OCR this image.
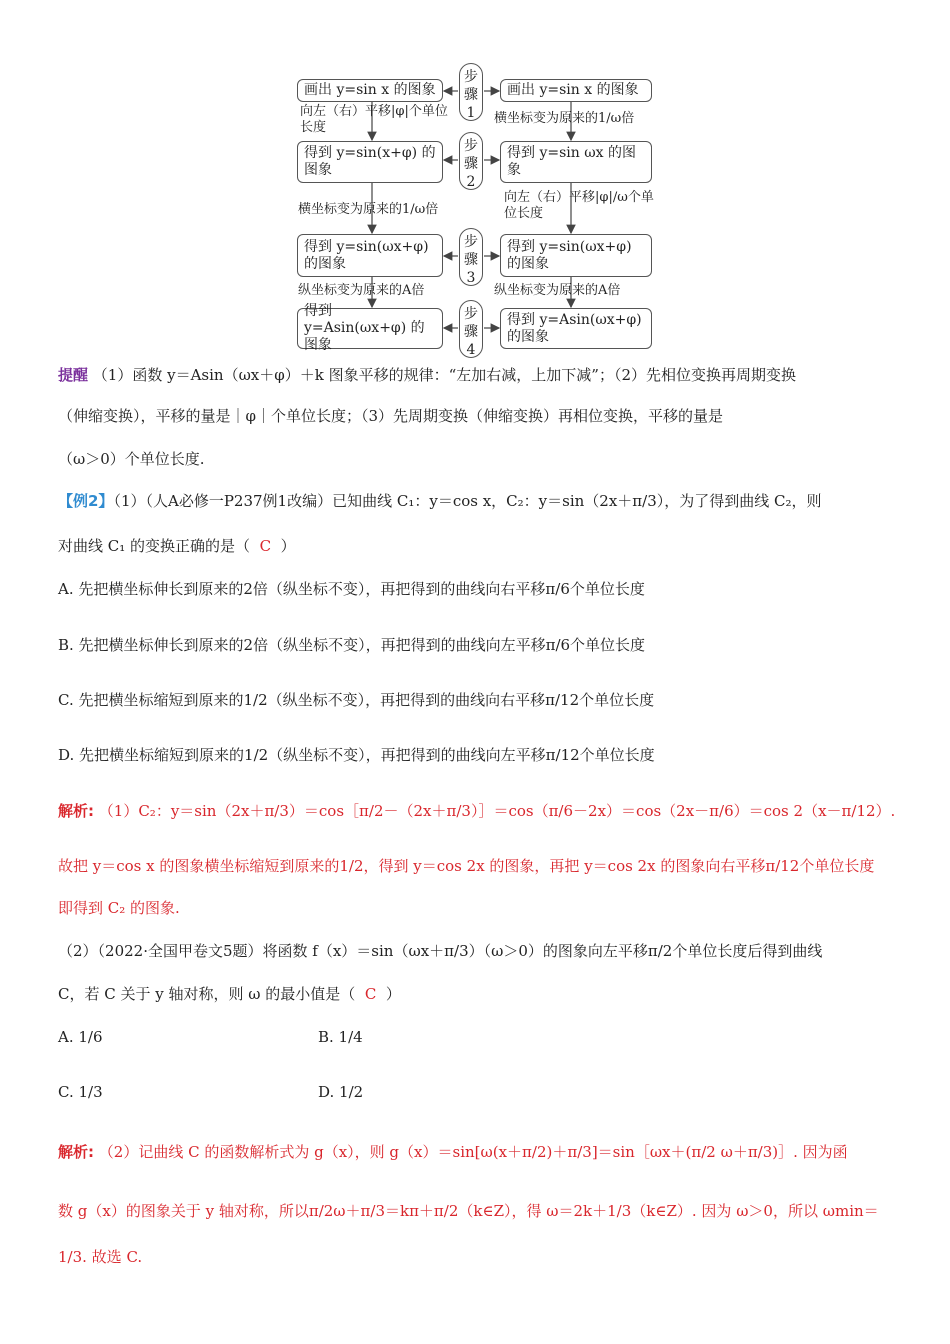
画出 y=sin x 的图象
得到 y=sin(x+φ) 的图象
得到 y=sin(ωx+φ) 的图象
得到 y=Asin(ωx+φ) 的图象
画出 y=sin x 的图象
得到 y=sin ωx 的图象
得到 y=sin(ωx+φ) 的图象
得到 y=Asin(ωx+φ) 的图象
步骤1
步骤2
步骤3
步骤4
向左（右）平移|φ|个单位长度
横坐标变为原来的1/ω倍
横坐标变为原来的1/ω倍
向左（右）平移|φ|/ω个单位长度
纵坐标变为原来的A倍	纵坐标变为原来的A倍
提醒 （1）函数 y＝Asin（ωx＋φ）＋k 图象平移的规律：“左加右减，上加下减”；（2）先相位变换再周期变换
（伸缩变换），平移的量是｜φ｜个单位长度；（3）先周期变换（伸缩变换）再相位变换，平移的量是
（ω＞0）个单位长度.
【例2】（1）（人A必修一P237例1改编）已知曲线 C₁：y＝cos x，C₂：y＝sin（2x＋π/3），为了得到曲线 C₂，则
对曲线 C₁ 的变换正确的是（ C  ）
A. 先把横坐标伸长到原来的2倍（纵坐标不变），再把得到的曲线向右平移π/6个单位长度
B. 先把横坐标伸长到原来的2倍（纵坐标不变），再把得到的曲线向左平移π/6个单位长度
C. 先把横坐标缩短到原来的1/2（纵坐标不变），再把得到的曲线向右平移π/12个单位长度
D. 先把横坐标缩短到原来的1/2（纵坐标不变），再把得到的曲线向左平移π/12个单位长度
解析: （1）C₂：y＝sin（2x＋π/3）＝cos［π/2－（2x＋π/3）］＝cos（π/6－2x）＝cos（2x－π/6）＝cos 2（x－π/12）.
故把 y＝cos x 的图象横坐标缩短到原来的1/2，得到 y＝cos 2x 的图象，再把 y＝cos 2x 的图象向右平移π/12个单位长度
即得到 C₂ 的图象.
（2）（2022·全国甲卷文5题）将函数 f（x）＝sin（ωx＋π/3）（ω＞0）的图象向左平移π/2个单位长度后得到曲线
C，若 C 关于 y 轴对称，则 ω 的最小值是（ C  ）
A. 1/6	B. 1/4
C. 1/3	D. 1/2
解析: （2）记曲线 C 的函数解析式为 g（x），则 g（x）＝sin[ω(x＋π/2)＋π/3]＝sin［ωx＋(π/2 ω＋π/3)］. 因为函
数 g（x）的图象关于 y 轴对称，所以π/2ω＋π/3＝kπ＋π/2（k∈Z），得 ω＝2k＋1/3（k∈Z）. 因为 ω＞0，所以 ωmin＝
1/3. 故选 C.
